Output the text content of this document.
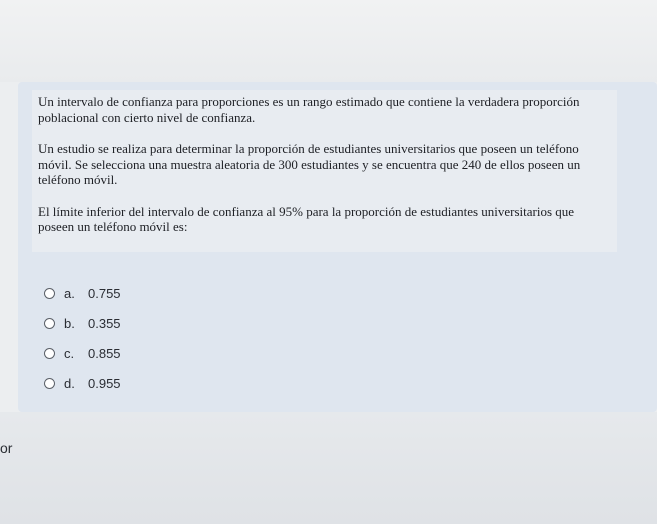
Un intervalo de confianza para proporciones es un rango estimado que contiene la verdadera proporción poblacional con cierto nivel de confianza.

Un estudio se realiza para determinar la proporción de estudiantes universitarios que poseen un teléfono móvil. Se selecciona una muestra aleatoria de 300 estudiantes y se encuentra que 240 de ellos poseen un teléfono móvil.

El límite inferior del intervalo de confianza al 95% para la proporción de estudiantes universitarios que poseen un teléfono móvil es:

a.	0.755
b.	0.355
c.	0.855
d.	0.955
or
